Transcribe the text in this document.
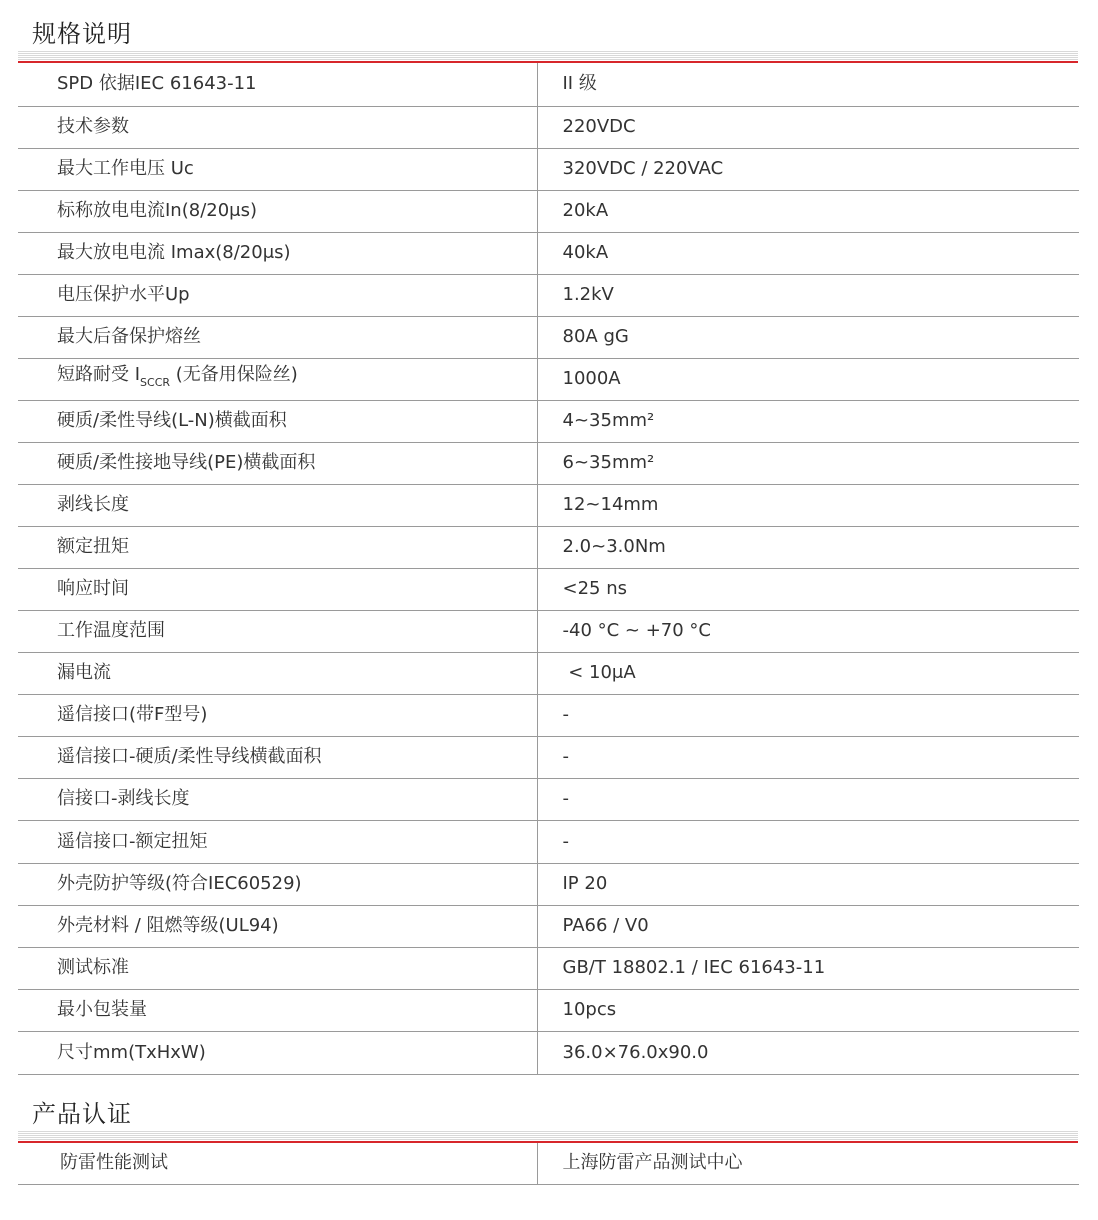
规格说明
SPD 依据IEC 61643-11	II 级
技术参数	220VDC
最大工作电压 Uc	320VDC / 220VAC
标称放电电流In(8/20μs)	20kA
最大放电电流 Imax(8/20μs)	40kA
电压保护水平Up	1.2kV
最大后备保护熔丝	80A gG
短路耐受 $I_{SCCR}$ (无备用保险丝)	1000A
硬质/柔性导线(L-N)横截面积	4~35mm²
硬质/柔性接地导线(PE)横截面积	6~35mm²
剥线长度	12~14mm
额定扭矩	2.0~3.0Nm
响应时间	<25 ns
工作温度范围	-40 °C ~ +70 °C
漏电流	< 10μA
遥信接口(带F型号)	-
遥信接口-硬质/柔性导线横截面积	-
信接口-剥线长度	-
遥信接口-额定扭矩	-
外壳防护等级(符合IEC60529)	IP 20
外壳材料 / 阻燃等级(UL94)	PA66 / V0
测试标准	GB/T 18802.1 / IEC 61643-11
最小包装量	10pcs
尺寸mm(TxHxW)	36.0×76.0x90.0
产品认证
防雷性能测试	上海防雷产品测试中心
